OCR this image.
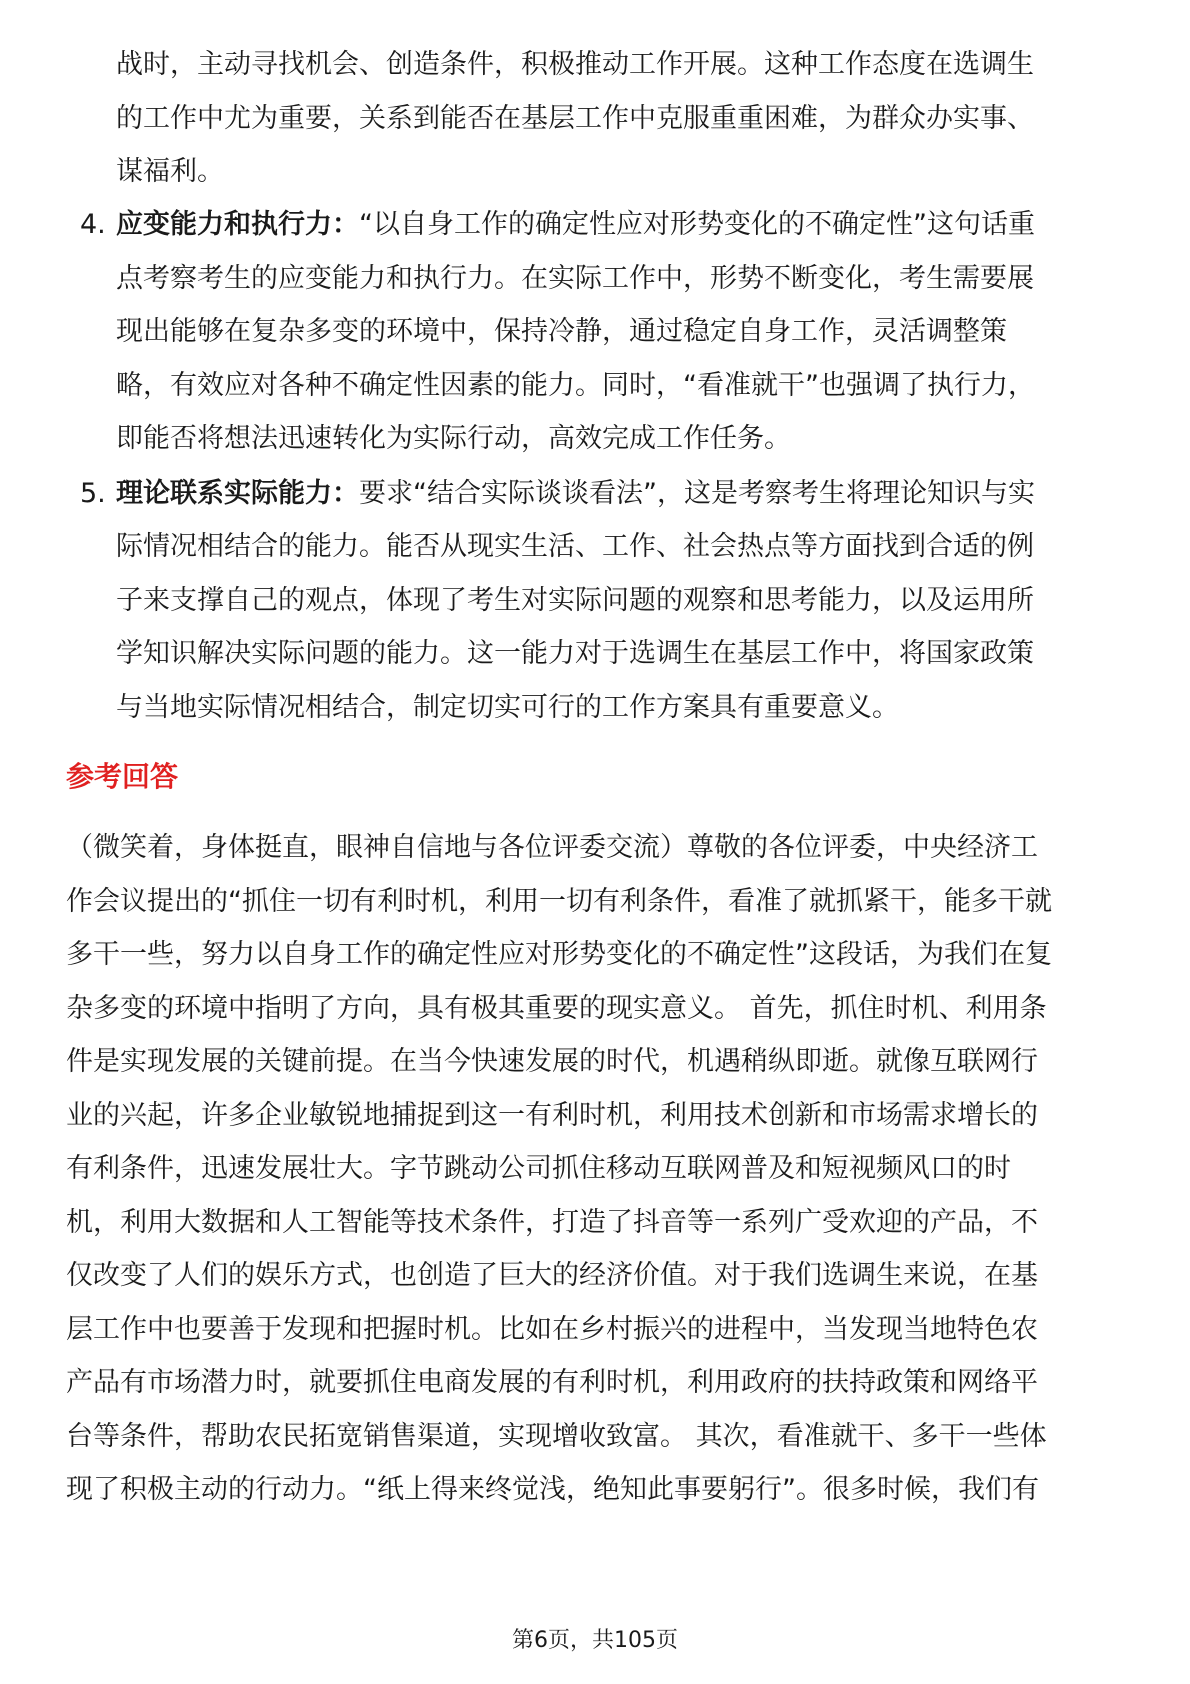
战时，主动寻找机会、创造条件，积极推动工作开展。这种工作态度在选调生
的工作中尤为重要，关系到能否在基层工作中克服重重困难，为群众办实事、
谋福利。
4. 应变能力和执行力：“以自身工作的确定性应对形势变化的不确定性”这句话重
点考察考生的应变能力和执行力。在实际工作中，形势不断变化，考生需要展
现出能够在复杂多变的环境中，保持冷静，通过稳定自身工作，灵活调整策
略，有效应对各种不确定性因素的能力。同时，“看准就干”也强调了执行力，
即能否将想法迅速转化为实际行动，高效完成工作任务。
5. 理论联系实际能力：要求“结合实际谈谈看法”，这是考察考生将理论知识与实
际情况相结合的能力。能否从现实生活、工作、社会热点等方面找到合适的例
子来支撑自己的观点，体现了考生对实际问题的观察和思考能力，以及运用所
学知识解决实际问题的能力。这一能力对于选调生在基层工作中，将国家政策
与当地实际情况相结合，制定切实可行的工作方案具有重要意义。
参考回答
（微笑着，身体挺直，眼神自信地与各位评委交流）尊敬的各位评委，中央经济工
作会议提出的“抓住一切有利时机，利用一切有利条件，看准了就抓紧干，能多干就
多干一些，努力以自身工作的确定性应对形势变化的不确定性”这段话，为我们在复
杂多变的环境中指明了方向，具有极其重要的现实意义。 首先，抓住时机、利用条
件是实现发展的关键前提。在当今快速发展的时代，机遇稍纵即逝。就像互联网行
业的兴起，许多企业敏锐地捕捉到这一有利时机，利用技术创新和市场需求增长的
有利条件，迅速发展壮大。字节跳动公司抓住移动互联网普及和短视频风口的时
机，利用大数据和人工智能等技术条件，打造了抖音等一系列广受欢迎的产品，不
仅改变了人们的娱乐方式，也创造了巨大的经济价值。对于我们选调生来说，在基
层工作中也要善于发现和把握时机。比如在乡村振兴的进程中，当发现当地特色农
产品有市场潜力时，就要抓住电商发展的有利时机，利用政府的扶持政策和网络平
台等条件，帮助农民拓宽销售渠道，实现增收致富。 其次，看准就干、多干一些体
现了积极主动的行动力。“纸上得来终觉浅，绝知此事要躬行”。很多时候，我们有
第6页，共105页
